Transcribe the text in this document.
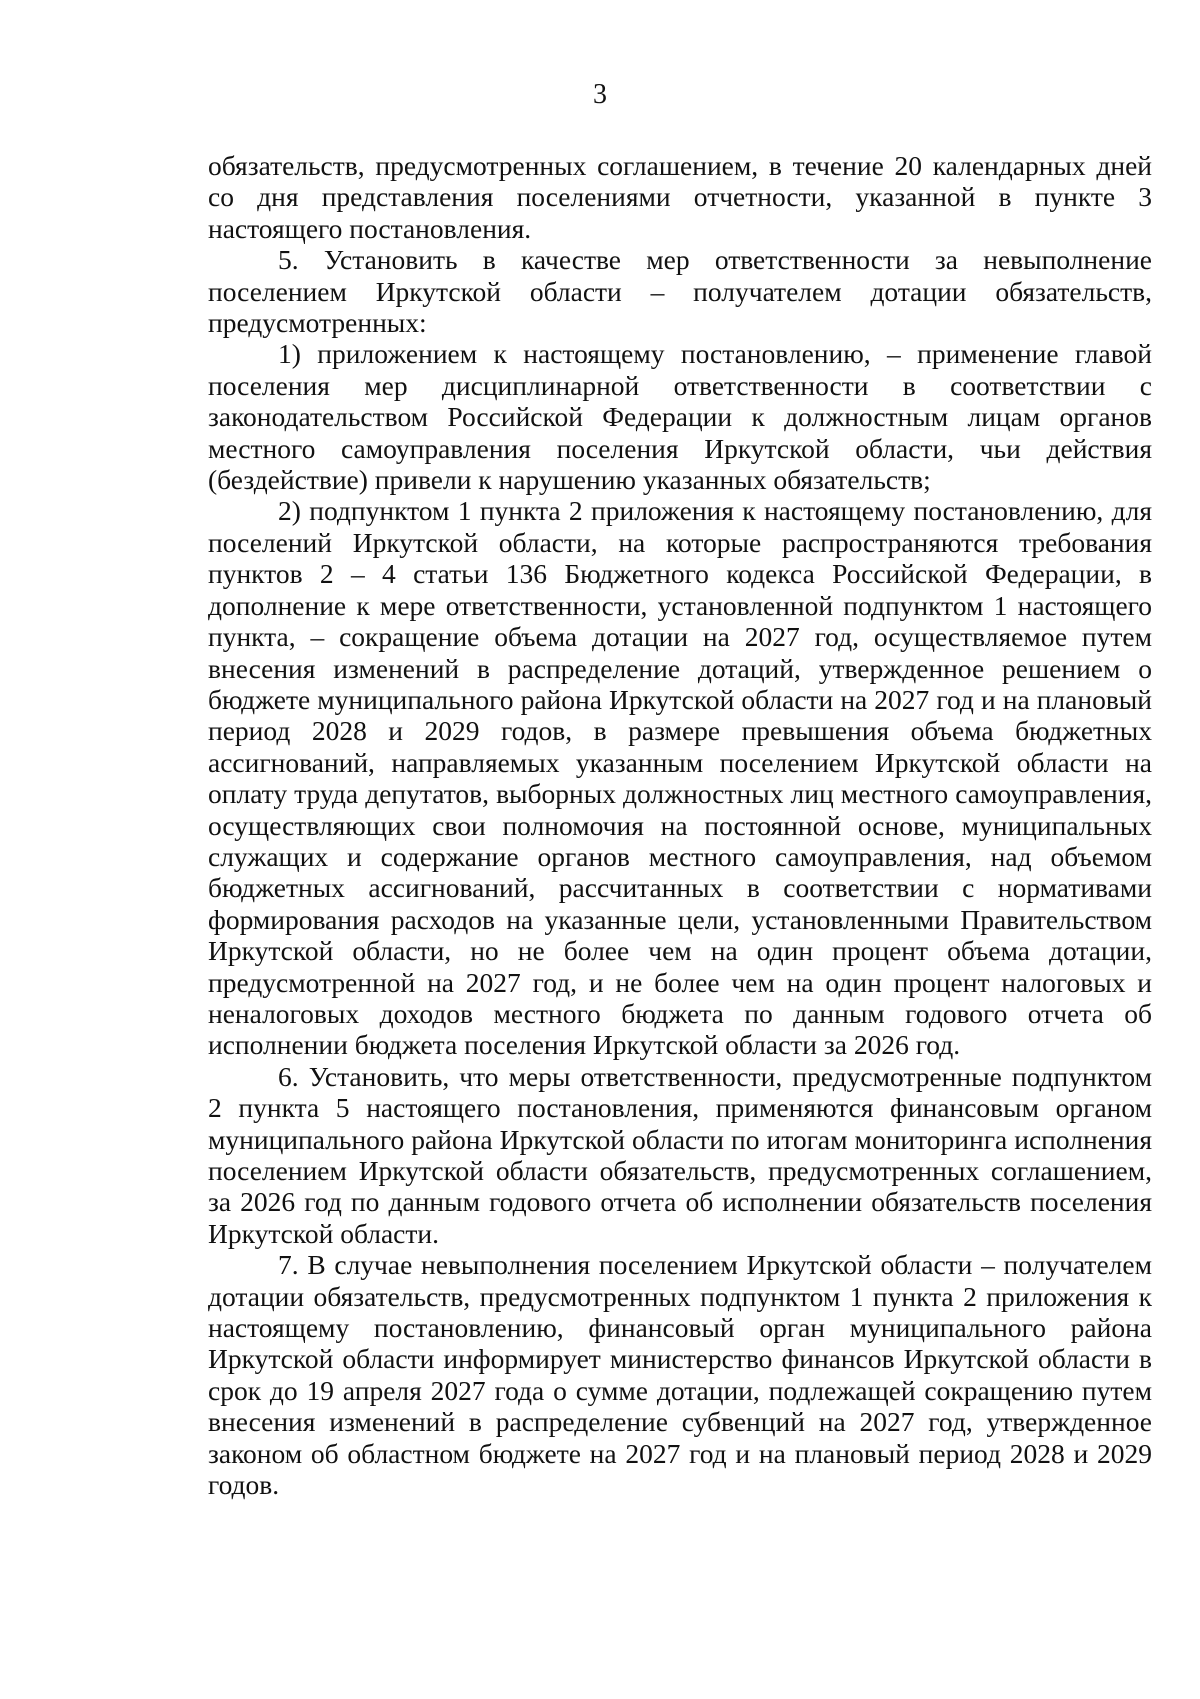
3

обязательств, предусмотренных соглашением, в течение 20 календарных дней со дня представления поселениями отчетности, указанной в пункте 3 настоящего постановления.

5. Установить в качестве мер ответственности за невыполнение поселением Иркутской области – получателем дотации обязательств, предусмотренных:

1) приложением к настоящему постановлению, – применение главой поселения мер дисциплинарной ответственности в соответствии с законодательством Российской Федерации к должностным лицам органов местного самоуправления поселения Иркутской области, чьи действия (бездействие) привели к нарушению указанных обязательств;

2) подпунктом 1 пункта 2 приложения к настоящему постановлению, для поселений Иркутской области, на которые распространяются требования пунктов 2 – 4 статьи 136 Бюджетного кодекса Российской Федерации, в дополнение к мере ответственности, установленной подпунктом 1 настоящего пункта, – сокращение объема дотации на 2027 год, осуществляемое путем внесения изменений в распределение дотаций, утвержденное решением о бюджете муниципального района Иркутской области на 2027 год и на плановый период 2028 и 2029 годов, в размере превышения объема бюджетных ассигнований, направляемых указанным поселением Иркутской области на оплату труда депутатов, выборных должностных лиц местного самоуправления, осуществляющих свои полномочия на постоянной основе, муниципальных служащих и содержание органов местного самоуправления, над объемом бюджетных ассигнований, рассчитанных в соответствии с нормативами формирования расходов на указанные цели, установленными Правительством Иркутской области, но не более чем на один процент объема дотации, предусмотренной на 2027 год, и не более чем на один процент налоговых и неналоговых доходов местного бюджета по данным годового отчета об исполнении бюджета поселения Иркутской области за 2026 год.

6. Установить, что меры ответственности, предусмотренные подпунктом 2 пункта 5 настоящего постановления, применяются финансовым органом муниципального района Иркутской области по итогам мониторинга исполнения поселением Иркутской области обязательств, предусмотренных соглашением, за 2026 год по данным годового отчета об исполнении обязательств поселения Иркутской области.

7. В случае невыполнения поселением Иркутской области – получателем дотации обязательств, предусмотренных подпунктом 1 пункта 2 приложения к настоящему постановлению, финансовый орган муниципального района Иркутской области информирует министерство финансов Иркутской области в срок до 19 апреля 2027 года о сумме дотации, подлежащей сокращению путем внесения изменений в распределение субвенций на 2027 год, утвержденное законом об областном бюджете на 2027 год и на плановый период 2028 и 2029 годов.
